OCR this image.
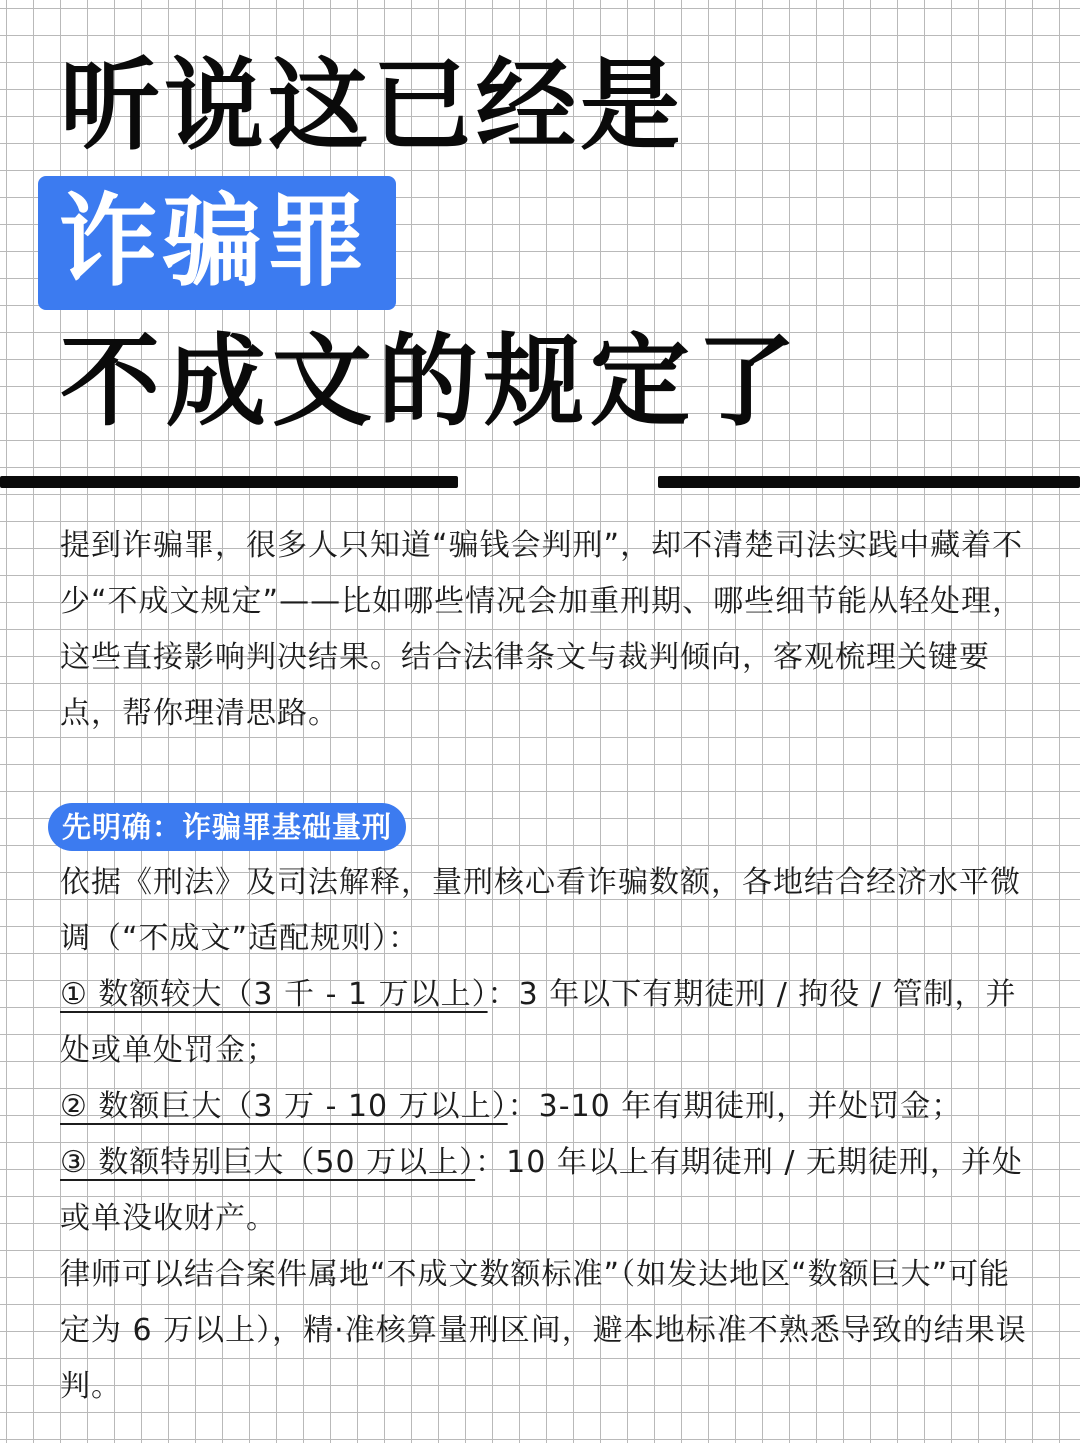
听说这已经是
诈骗罪
不成文的规定了
提到诈骗罪，很多人只知道“骗钱会判刑”，却不清楚司法实践中藏着不少“不成文规定”——比如哪些情况会加重刑期、哪些细节能从轻处理，这些直接影响判决结果。结合法律条文与裁判倾向，客观梳理关键要点，帮你理清思路。
先明确：诈骗罪基础量刑

依据《刑法》及司法解释，量刑核心看诈骗数额，各地结合经济水平微调（“不成文”适配规则）：

① 数额较大（3 千 - 1 万以上）：3 年以下有期徒刑 / 拘役 / 管制，并处或单处罚金；

② 数额巨大（3 万 - 10 万以上）：3-10 年有期徒刑，并处罚金；

③ 数额特别巨大（50 万以上）：10 年以上有期徒刑 / 无期徒刑，并处或单没收财产。

律师可以结合案件属地“不成文数额标准”（如发达地区“数额巨大”可能定为 6 万以上），精·准核算量刑区间，避本地标准不熟悉导致的结果误判。
